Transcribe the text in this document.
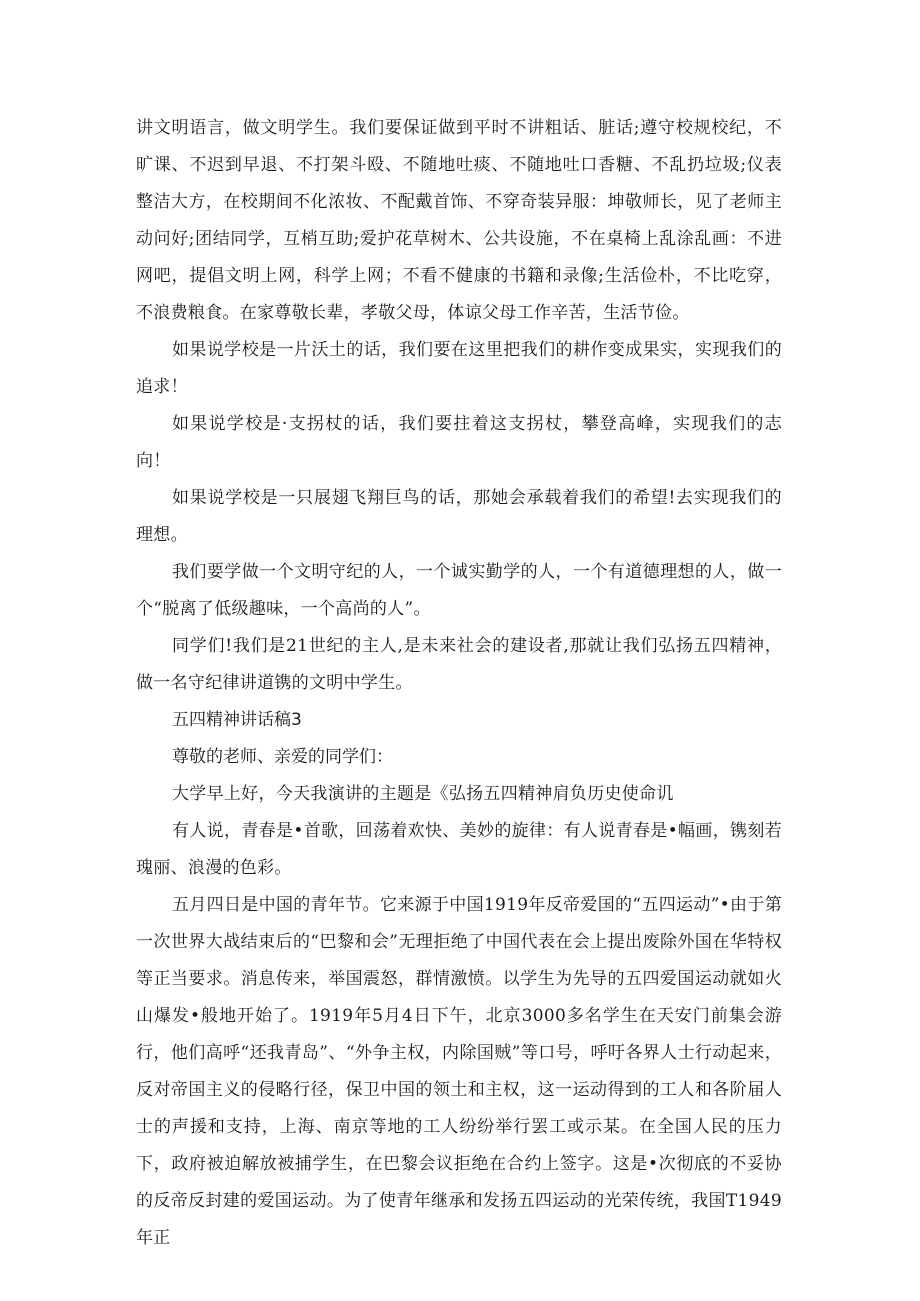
讲文明语言，做文明学生。我们要保证做到平时不讲粗话、脏话;遵守校规校纪，不旷课、不迟到早退、不打架斗殴、不随地吐痰、不随地吐口香糖、不乱扔垃圾;仪表整洁大方，在校期间不化浓妆、不配戴首饰、不穿奇装异服：坤敬师长，见了老师主动问好;团结同学，互梢互助;爱护花草树木、公共设施，不在桌椅上乱涂乱画：不进网吧，提倡文明上网，科学上网；不看不健康的书籍和录像;生活俭朴，不比吃穿，不浪费粮食。在家尊敬长辈，孝敬父母，体谅父母工作辛苦，生活节俭。

如果说学校是一片沃土的话，我们要在这里把我们的耕作变成果实，实现我们的追求！

如果说学校是·支拐杖的话，我们要拄着这支拐杖，攀登高峰，实现我们的志向！

如果说学校是一只展翅飞翔巨鸟的话，那她会承载着我们的希望!去实现我们的理想。

我们要学做一个文明守纪的人，一个诚实勤学的人，一个有道德理想的人，做一个“脱离了低级趣味，一个高尚的人”。

同学们!我们是21世纪的主人,是未来社会的建设者,那就让我们弘扬五四精神，做一名守纪律讲道镌的文明中学生。

五四精神讲话稿3

尊敬的老师、亲爱的同学们：

大学早上好，今天我演讲的主题是《弘扬五四精神肩负历史使命讥

有人说，青春是•首歌，回荡着欢快、美妙的旋律：有人说青春是•幅画，镌刻若瑰丽、浪漫的色彩。

五月四日是中国的青年节。它来源于中国1919年反帝爱国的“五四运动”•由于第一次世界大战结束后的“巴黎和会”无理拒绝了中国代表在会上提出废除外国在华特权等正当要求。消息传来，举国震怒，群情激愤。以学生为先导的五四爱国运动就如火山爆发•般地开始了。1919年5月4日下午，北京3000多名学生在天安门前集会游行，他们高呼“还我青岛”、“外争主权，内除国贼”等口号，呼吁各界人士行动起来，反对帝国主义的侵略行径，保卫中国的领土和主权，这一运动得到的工人和各阶届人士的声援和支持，上海、南京等地的工人纷纷举行罢工或示某。在全国人民的压力下，政府被迫解放被捕学生，在巴黎会议拒绝在合约上签字。这是•次彻底的不妥协的反帝反封建的爱国运动。为了使青年继承和发扬五四运动的光荣传统，我国T1949年正
